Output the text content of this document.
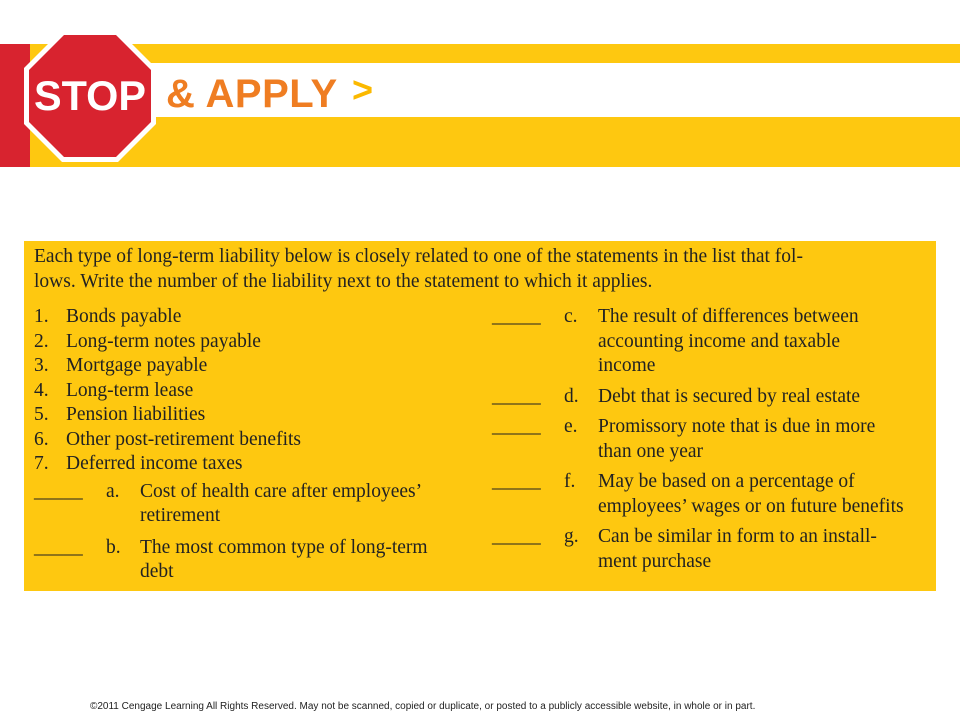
STOP & APPLY >
Each type of long-term liability below is closely related to one of the statements in the list that fol-
lows. Write the number of the liability next to the statement to which it applies.
1. Bonds payable
2. Long-term notes payable
3. Mortgage payable
4. Long-term lease
5. Pension liabilities
6. Other post-retirement benefits
7. Deferred income taxes
_____	a.	Cost of health care after employees’
retirement
_____	b. The most common type of long-term
debt
_____	c.	The result of differences between
accounting income and taxable
income
_____	d. Debt that is secured by real estate
_____	e.	Promissory note that is due in more
than one year
_____	f.	May be based on a percentage of
employees’ wages or on future benefits
_____	g. Can be similar in form to an install-
ment purchase
©2011 Cengage Learning All Rights Reserved. May not be scanned, copied or duplicate, or posted to a publicly accessible website, in whole or in part.
